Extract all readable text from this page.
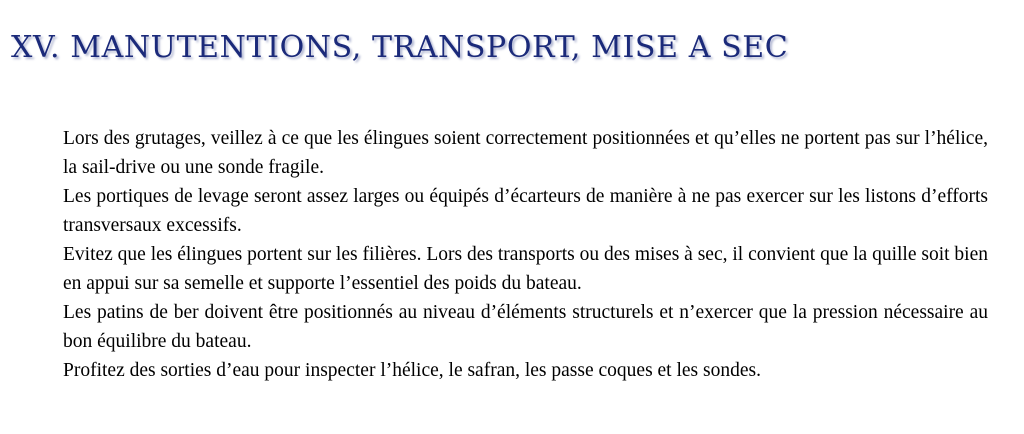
XV. MANUTENTIONS, TRANSPORT, MISE A SEC

Lors des grutages, veillez à ce que les élingues soient correctement positionnées et qu’elles ne portent pas sur l’hélice, la sail-drive ou une sonde fragile.

Les portiques de levage seront assez larges ou équipés d’écarteurs de manière à ne pas exercer sur les listons d’efforts transversaux excessifs.

Evitez que les élingues portent sur les filières. Lors des transports ou des mises à sec, il convient que la quille soit bien en appui sur sa semelle et supporte l’essentiel des poids du bateau.

Les patins de ber doivent être positionnés au niveau d’éléments structurels et n’exercer que la pression nécessaire au bon équilibre du bateau.

Profitez des sorties d’eau pour inspecter l’hélice, le safran, les passe coques et les sondes.
